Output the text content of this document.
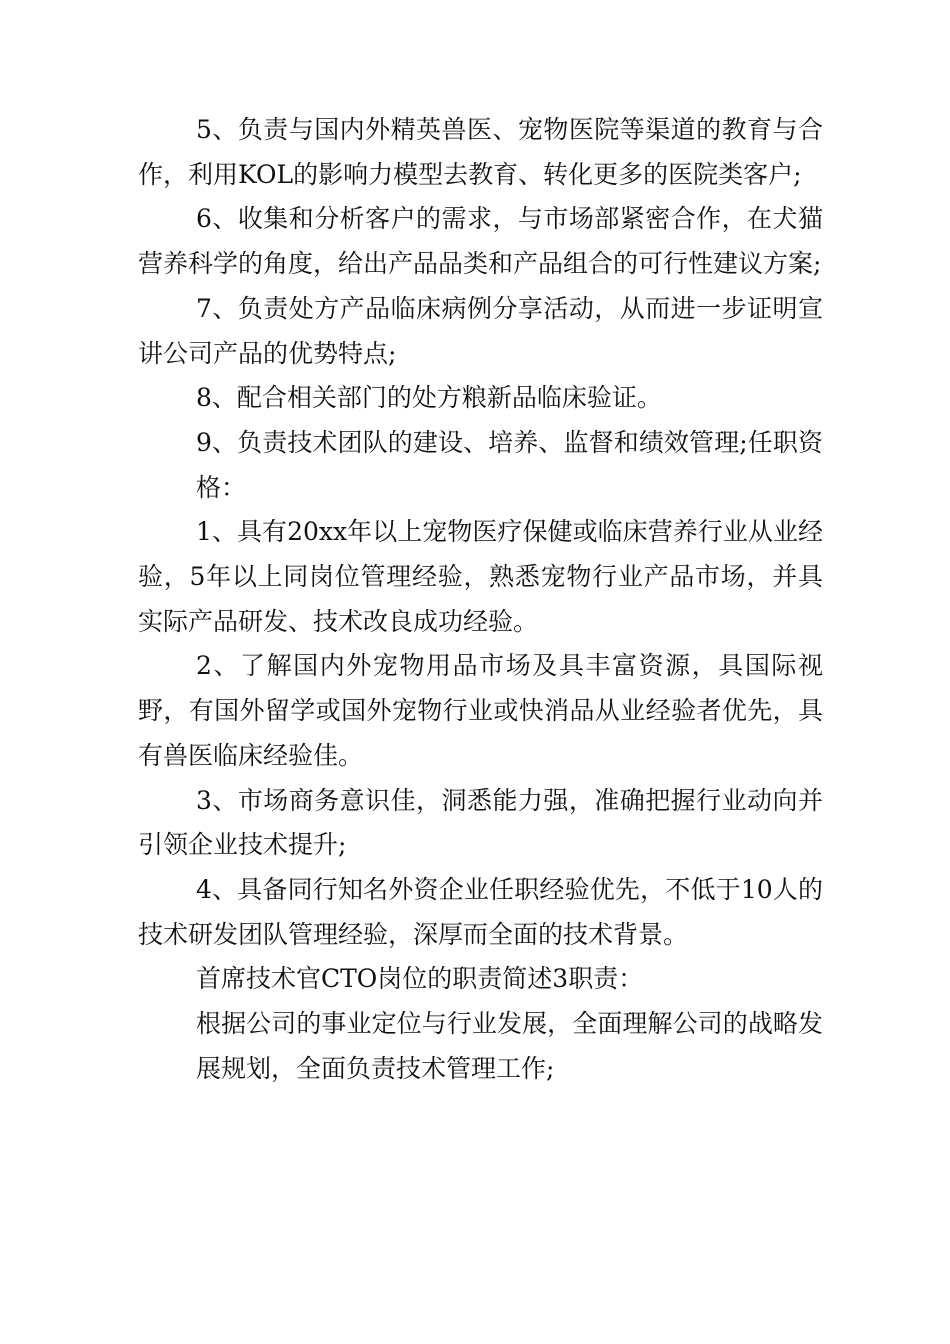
5、负责与国内外精英兽医、宠物医院等渠道的教育与合作，利用KOL的影响力模型去教育、转化更多的医院类客户;

6、收集和分析客户的需求，与市场部紧密合作，在犬猫营养科学的角度，给出产品品类和产品组合的可行性建议方案;

7、负责处方产品临床病例分享活动，从而进一步证明宣讲公司产品的优势特点;

8、配合相关部门的处方粮新品临床验证。

9、负责技术团队的建设、培养、监督和绩效管理;任职资格：

1、具有20xx年以上宠物医疗保健或临床营养行业从业经验，5年以上同岗位管理经验，熟悉宠物行业产品市场，并具实际产品研发、技术改良成功经验。

2、了解国内外宠物用品市场及具丰富资源，具国际视野，有国外留学或国外宠物行业或快消品从业经验者优先，具有兽医临床经验佳。

3、市场商务意识佳，洞悉能力强，准确把握行业动向并引领企业技术提升;

4、具备同行知名外资企业任职经验优先，不低于10人的技术研发团队管理经验，深厚而全面的技术背景。

首席技术官CTO岗位的职责简述3职责：

根据公司的事业定位与行业发展，全面理解公司的战略发展规划，全面负责技术管理工作;
